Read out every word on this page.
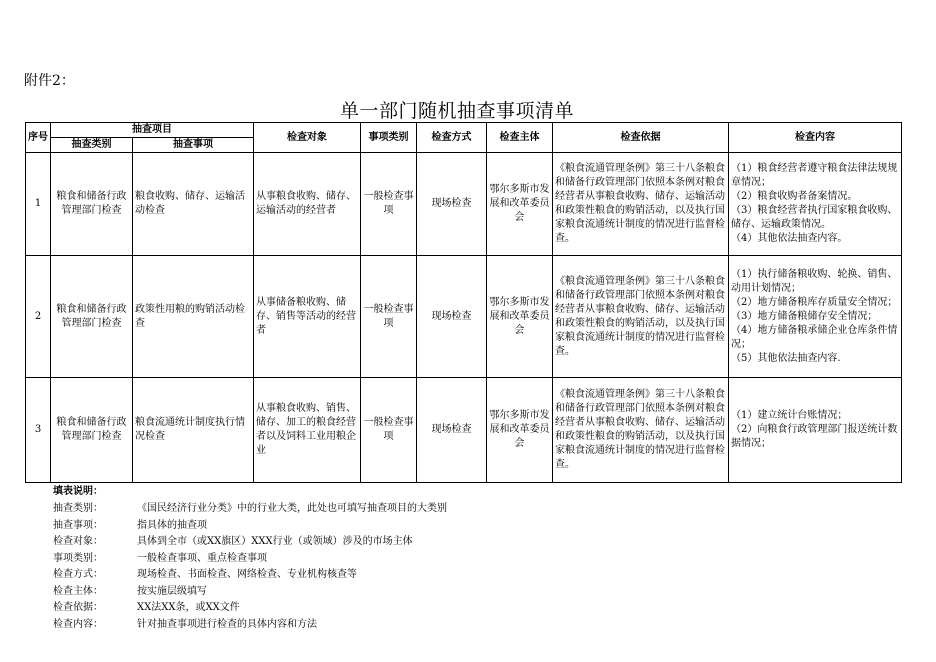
附件2：
单一部门随机抽查事项清单
序号	抽查项目		检查对象	事项类别	检查方式	检查主体	检查依据	检查内容
	抽查类别	抽查事项						
1	粮食和储备行政管理部门检查	粮食收购、储存、运输活动检查	从事粮食收购、储存、运输活动的经营者	一般检查事项	现场检查	鄂尔多斯市发展和改革委员会	《粮食流通管理条例》第三十八条粮食和储备行政管理部门依照本条例对粮食经营者从事粮食收购、储存、运输活动和政策性粮食的购销活动，以及执行国家粮食流通统计制度的情况进行监督检查。	（1）粮食经营者遵守粮食法律法规规章情况；
（2）粮食收购者备案情况。
（3）粮食经营者执行国家粮食收购、储存、运输政策情况。
（4）其他依法抽查内容。

2	粮食和储备行政管理部门检查	政策性用粮的购销活动检查	从事储备粮收购、储存、销售等活动的经营者	一般检查事项	现场检查	鄂尔多斯市发展和改革委员会	《粮食流通管理条例》第三十八条粮食和储备行政管理部门依照本条例对粮食经营者从事粮食收购、储存、运输活动和政策性粮食的购销活动，以及执行国家粮食流通统计制度的情况进行监督检查。	（1）执行储备粮收购、轮换、销售、动用计划情况；
（2）地方储备粮库存质量安全情况；
（3）地方储备粮储存安全情况；
（4）地方储备粮承储企业仓库条件情况；
（5）其他依法抽查内容.

3	粮食和储备行政管理部门检查	粮食流通统计制度执行情况检查	从事粮食收购、销售、储存、加工的粮食经营者以及饲料工业用粮企业	一般检查事项	现场检查	鄂尔多斯市发展和改革委员会	《粮食流通管理条例》第三十八条粮食和储备行政管理部门依照本条例对粮食经营者从事粮食收购、储存、运输活动和政策性粮食的购销活动，以及执行国家粮食流通统计制度的情况进行监督检查。	（1）建立统计台账情况；
（2）向粮食行政管理部门报送统计数据情况；
填表说明：
抽查类别：	《国民经济行业分类》中的行业大类，此处也可填写抽查项目的大类别
抽查事项：	指具体的抽查项
检查对象：	具体到全市（或XX旗区）XXX行业（或领域）涉及的市场主体
事项类别：	一般检查事项、重点检查事项
检查方式：	现场检查、书面检查、网络检查、专业机构核查等
检查主体：	按实施层级填写
检查依据：	XX法XX条，或XX文件
检查内容：	针对抽查事项进行检查的具体内容和方法
